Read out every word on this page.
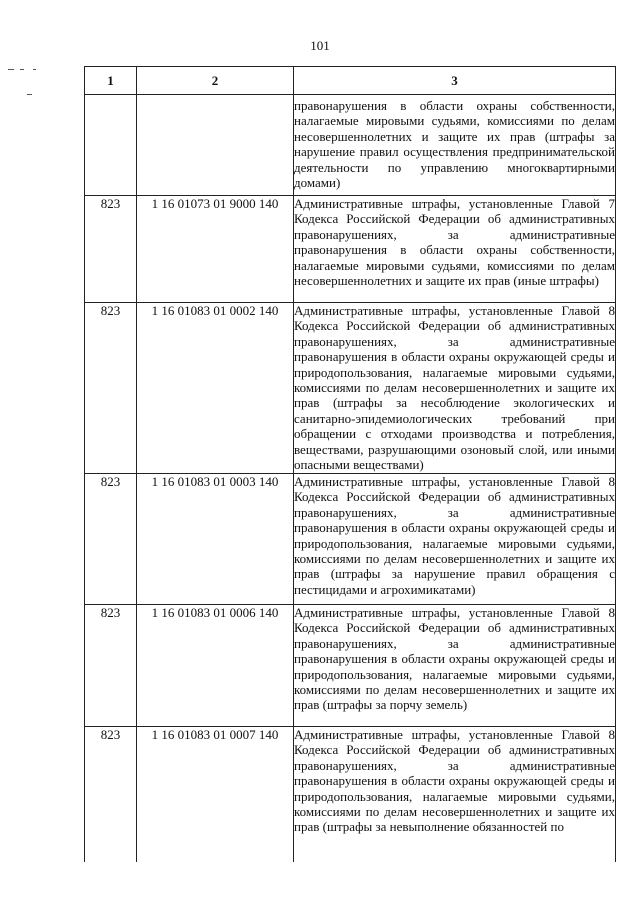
101
1	2	3
		правонарушения в области охраны собственности, налагаемые мировыми судьями, комиссиями по делам несовершеннолетних и защите их прав (штрафы за нарушение правил осуществления предпринимательской деятельности по управлению многоквартирными домами)
823	1 16 01073 01 9000 140	Административные штрафы, установленные Главой 7 Кодекса Российской Федерации об административных правонарушениях, за административные правонарушения в области охраны собственности, налагаемые мировыми судьями, комиссиями по делам несовершеннолетних и защите их прав (иные штрафы)
823	1 16 01083 01 0002 140	Административные штрафы, установленные Главой 8 Кодекса Российской Федерации об административных правонарушениях, за административные правонарушения в области охраны окружающей среды и природопользования, налагаемые мировыми судьями, комиссиями по делам несовершеннолетних и защите их прав (штрафы за несоблюдение экологических и санитарно-эпидемиологических требований при обращении с отходами производства и потребления, веществами, разрушающими озоновый слой, или иными опасными веществами)
823	1 16 01083 01 0003 140	Административные штрафы, установленные Главой 8 Кодекса Российской Федерации об административных правонарушениях, за административные правонарушения в области охраны окружающей среды и природопользования, налагаемые мировыми судьями, комиссиями по делам несовершеннолетних и защите их прав (штрафы за нарушение правил обращения с пестицидами и агрохимикатами)
823	1 16 01083 01 0006 140	Административные штрафы, установленные Главой 8 Кодекса Российской Федерации об административных правонарушениях, за административные правонарушения в области охраны окружающей среды и природопользования, налагаемые мировыми судьями, комиссиями по делам несовершеннолетних и защите их прав (штрафы за порчу земель)
823	1 16 01083 01 0007 140	Административные штрафы, установленные Главой 8 Кодекса Российской Федерации об административных правонарушениях, за административные правонарушения в области охраны окружающей среды и природопользования, налагаемые мировыми судьями, комиссиями по делам несовершеннолетних и защите их прав (штрафы за невыполнение обязанностей по
